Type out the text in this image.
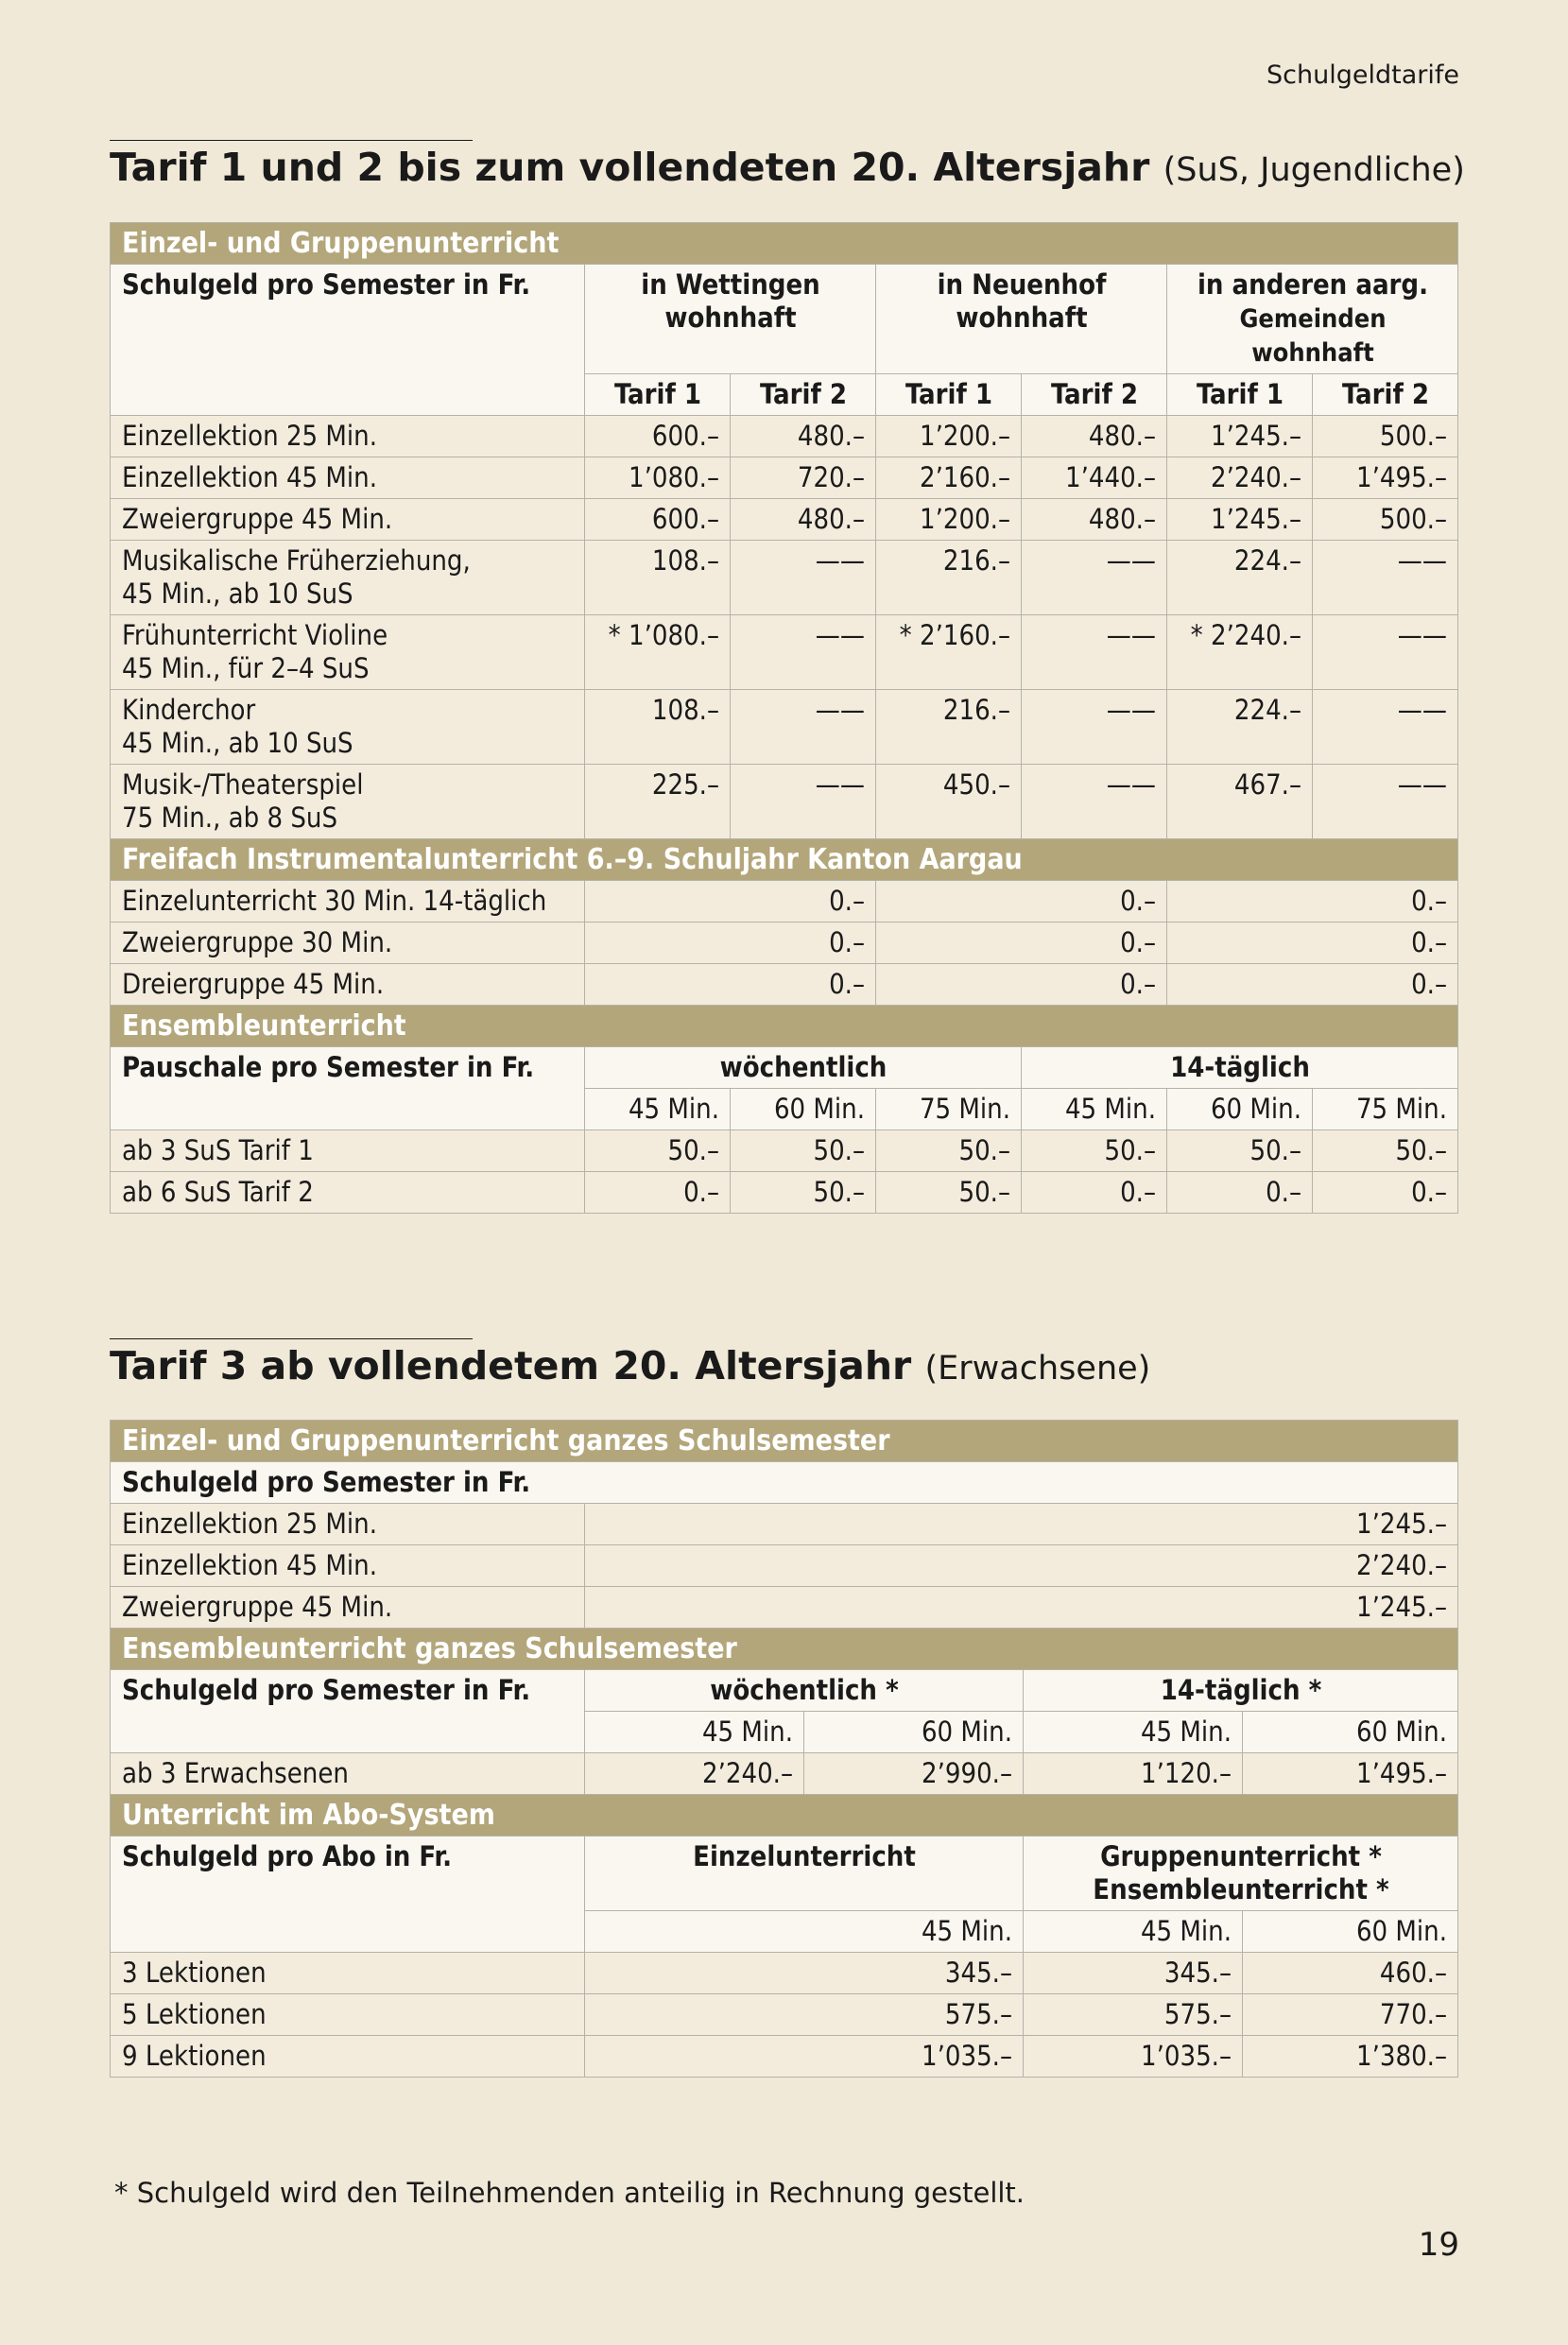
Schulgeldtarife
Tarif 1 und 2 bis zum vollendeten 20. Altersjahr (SuS, Jugendliche)
Einzel- und Gruppenunterricht						
Schulgeld pro Semester in Fr.	in Wettingen wohnhaft		in Neuenhof wohnhaft		in anderen aarg.
Gemeinden wohnhaft	
	Tarif 1	Tarif 2	Tarif 1	Tarif 2	Tarif 1	Tarif 2
Einzellektion 25 Min.	600.–	480.–	1’200.–	480.–	1’245.–	500.–
Einzellektion 45 Min.	1’080.–	720.–	2’160.–	1’440.–	2’240.–	1’495.–
Zweiergruppe 45 Min.	600.–	480.–	1’200.–	480.–	1’245.–	500.–
Musikalische Früherziehung,
45 Min., ab 10 SuS	108.–	——	216.–	——	224.–	——
Frühunterricht Violine
45 Min., für 2–4 SuS	* 1’080.–	——	* 2’160.–	——	* 2’240.–	——
Kinderchor
45 Min., ab 10 SuS	108.–	——	216.–	——	224.–	——
Musik-/Theaterspiel
75 Min., ab 8 SuS	225.–	——	450.–	——	467.–	——
Freifach Instrumentalunterricht 6.–9. Schuljahr Kanton Aargau						
Einzelunterricht 30 Min. 14-täglich	0.–		0.–		0.–	
Zweiergruppe 30 Min.	0.–		0.–		0.–	
Dreiergruppe 45 Min.	0.–		0.–		0.–	
Ensembleunterricht						
Pauschale pro Semester in Fr.	wöchentlich			14-täglich		
	45 Min.	60 Min.	75 Min.	45 Min.	60 Min.	75 Min.
ab 3 SuS Tarif 1	50.–	50.–	50.–	50.–	50.–	50.–
ab 6 SuS Tarif 2	0.–	50.–	50.–	0.–	0.–	0.–
Tarif 3 ab vollendetem 20. Altersjahr (Erwachsene)
Einzel- und Gruppenunterricht ganzes Schulsemester				
Schulgeld pro Semester in Fr.				
Einzellektion 25 Min.	1’245.–			
Einzellektion 45 Min.	2’240.–			
Zweiergruppe 45 Min.	1’245.–			
Ensembleunterricht ganzes Schulsemester				
Schulgeld pro Semester in Fr.	wöchentlich *		14-täglich *	
	45 Min.	60 Min.	45 Min.	60 Min.
ab 3 Erwachsenen	2’240.–	2’990.–	1’120.–	1’495.–
Unterricht im Abo-System				
Schulgeld pro Abo in Fr.	Einzelunterricht		Gruppenunterricht *
Ensembleunterricht *	
	45 Min.		45 Min.	60 Min.
3 Lektionen	345.–		345.–	460.–
5 Lektionen	575.–		575.–	770.–
9 Lektionen	1’035.–		1’035.–	1’380.–
* Schulgeld wird den Teilnehmenden anteilig in Rechnung gestellt.
19
